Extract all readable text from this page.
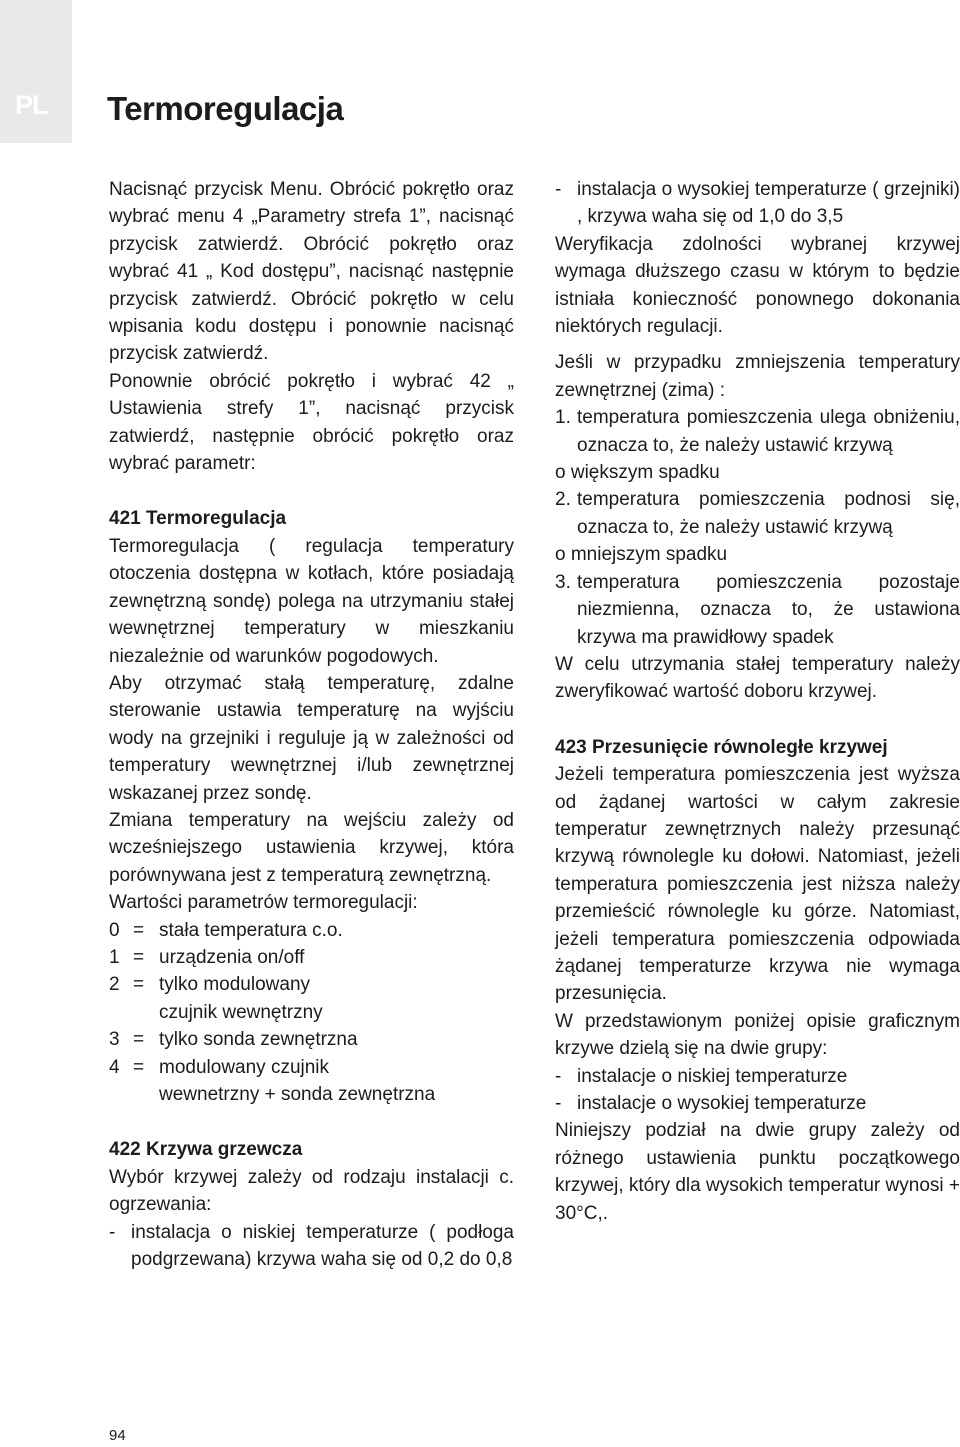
PL Termoregulacja

Nacisnąć przycisk Menu. Obrócić pokrętło oraz wybrać menu 4 „Parametry strefa 1”, nacisnąć przycisk zatwierdź. Obrócić pokrętło oraz wybrać 41 „ Kod dostępu”, nacisnąć następnie przycisk zatwierdź. Obrócić pokrętło w celu wpisania kodu dostępu i ponownie nacisnąć przycisk zatwierdź.

Ponownie obrócić pokrętło i wybrać 42 „ Ustawienia strefy 1”, nacisnąć przycisk zatwierdź, następnie obrócić pokrętło oraz wybrać parametr:

421 Termoregulacja

Termoregulacja ( regulacja temperatury otoczenia dostępna w kotłach, które posiadają zewnętrzną sondę) polega na utrzymaniu stałej wewnętrznej temperatury w mieszkaniu niezależnie od warunków pogodowych.

Aby otrzymać stałą temperaturę, zdalne sterowanie ustawia temperaturę na wyjściu wody na grzejniki i reguluje ją w zależności od temperatury wewnętrznej i/lub zewnętrznej wskazanej przez sondę.

Zmiana temperatury na wejściu zależy od wcześniejszego ustawienia krzywej, która porównywana jest z temperaturą zewnętrzną.

Wartości parametrów termoregulacji:

0 = stała temperatura c.o.
1 = urządzenia on/off
2 = tylko modulowany
czujnik wewnętrzny
3 = tylko sonda zewnętrzna
4 = modulowany czujnik
wewnetrzny + sonda zewnętrzna
422 Krzywa grzewcza

Wybór krzywej zależy od rodzaju instalacji c. ogrzewania:

- instalacja o niskiej temperaturze ( podłoga podgrzewana) krzywa waha się od 0,2 do 0,8
- instalacja o wysokiej temperaturze ( grzejniki) , krzywa waha się od 1,0 do 3,5

Weryfikacja zdolności wybranej krzywej wymaga dłuższego czasu w którym to będzie istniała konieczność ponownego dokonania niektórych regulacji.

Jeśli w przypadku zmniejszenia temperatury zewnętrznej (zima) :

1. temperatura pomieszczenia ulega obniżeniu, oznacza to, że należy ustawić krzywą

o większym spadku

2. temperatura pomieszczenia podnosi się, oznacza to, że należy ustawić krzywą

o mniejszym spadku

3. temperatura pomieszczenia pozostaje niezmienna, oznacza to, że ustawiona krzywa ma prawidłowy spadek

W celu utrzymania stałej temperatury należy zweryfikować wartość doboru krzywej.

423 Przesunięcie równoległe krzywej

Jeżeli temperatura pomieszczenia jest wyższa od żądanej wartości w całym zakresie temperatur zewnętrznych należy przesunąć krzywą równolegle ku dołowi. Natomiast, jeżeli temperatura pomieszczenia jest niższa należy przemieścić równolegle ku górze. Natomiast, jeżeli temperatura pomieszczenia odpowiada żądanej temperaturze krzywa nie wymaga przesunięcia.

W przedstawionym poniżej opisie graficznym krzywe dzielą się na dwie grupy:

- instalacje o niskiej temperaturze
- instalacje o wysokiej temperaturze

Niniejszy podział na dwie grupy zależy od różnego ustawienia punktu początkowego krzywej, który dla wysokich temperatur wynosi + 30°C,.

94
